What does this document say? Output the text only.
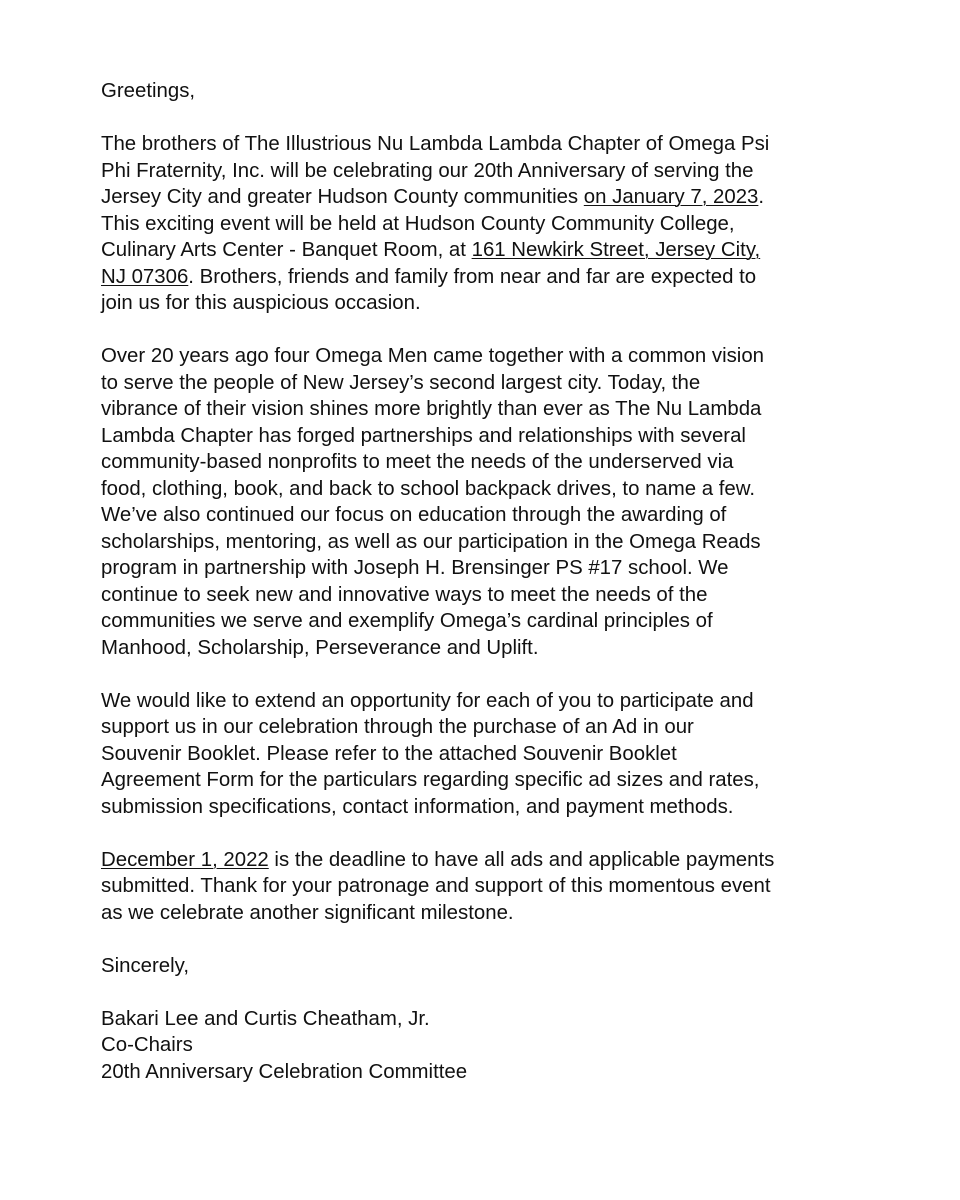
Greetings,

The brothers of The Illustrious Nu Lambda Lambda Chapter of Omega Psi
Phi Fraternity, Inc. will be celebrating our 20th Anniversary of serving the
Jersey City and greater Hudson County communities on January 7, 2023.
This exciting event will be held at Hudson County Community College,
Culinary Arts Center - Banquet Room, at 161 Newkirk Street, Jersey City,
NJ 07306. Brothers, friends and family from near and far are expected to
join us for this auspicious occasion.

Over 20 years ago four Omega Men came together with a common vision
to serve the people of New Jersey’s second largest city. Today, the
vibrance of their vision shines more brightly than ever as The Nu Lambda
Lambda Chapter has forged partnerships and relationships with several
community-based nonprofits to meet the needs of the underserved via
food, clothing, book, and back to school backpack drives, to name a few.
We’ve also continued our focus on education through the awarding of
scholarships, mentoring, as well as our participation in the Omega Reads
program in partnership with Joseph H. Brensinger PS #17 school. We
continue to seek new and innovative ways to meet the needs of the
communities we serve and exemplify Omega’s cardinal principles of
Manhood, Scholarship, Perseverance and Uplift.

We would like to extend an opportunity for each of you to participate and
support us in our celebration through the purchase of an Ad in our
Souvenir Booklet. Please refer to the attached Souvenir Booklet
Agreement Form for the particulars regarding specific ad sizes and rates,
submission specifications, contact information, and payment methods.

December 1, 2022 is the deadline to have all ads and applicable payments
submitted. Thank for your patronage and support of this momentous event
as we celebrate another significant milestone.

Sincerely,

Bakari Lee and Curtis Cheatham, Jr.
Co-Chairs
20th Anniversary Celebration Committee
